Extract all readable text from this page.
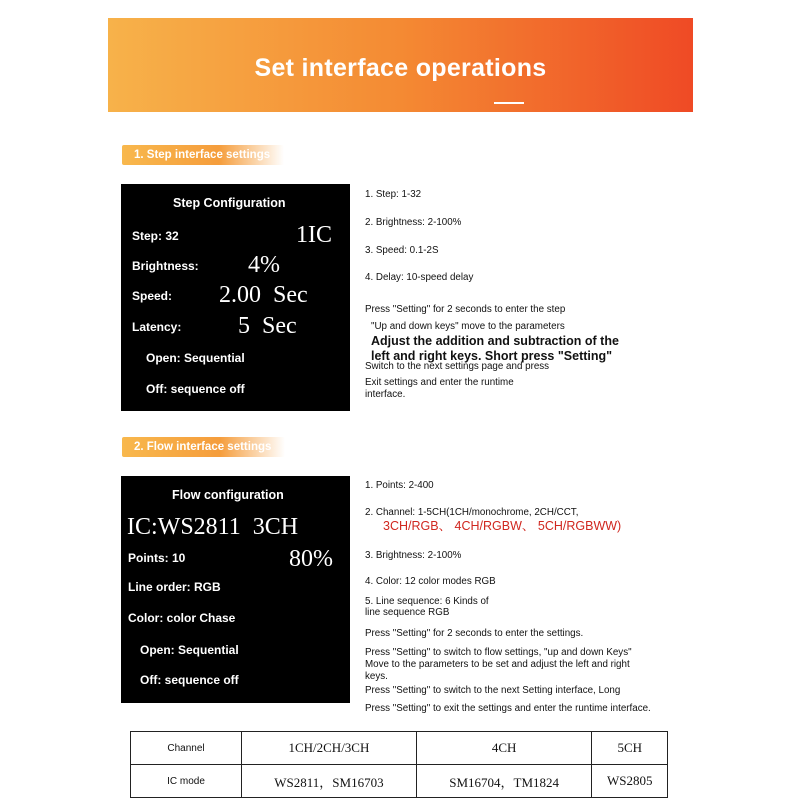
Set interface operations
1. Step interface settings
Step Configuration
Step: 32	1IC
Brightness: 4%
Speed: 2.00  Sec
Latency: 5  Sec
Open: Sequential
Off: sequence off
1. Step: 1-32
2. Brightness: 2-100%
3. Speed: 0.1-2S
4. Delay: 10-speed delay
Press "Setting" for 2 seconds to enter the step
"Up and down keys" move to the parameters
Adjust the addition and subtraction of the
left and right keys. Short press "Setting"
Switch to the next settings page and press
Exit settings and enter the runtime
interface.
2. Flow interface settings
Flow configuration
IC:WS2811  3CH
Points: 10	80%
Line order: RGB
Color: color Chase
Open: Sequential
Off: sequence off
1. Points: 2-400
2. Channel: 1-5CH(1CH/monochrome, 2CH/CCT,
3CH/RGB、 4CH/RGBW、 5CH/RGBWW)
3. Brightness: 2-100%
4. Color: 12 color modes RGB
5. Line sequence: 6 Kinds of
line sequence RGB
Press "Setting" for 2 seconds to enter the settings.
Press "Setting" to switch to flow settings, "up and down Keys"
Move to the parameters to be set and adjust the left and right
keys.
Press "Setting" to switch to the next Setting interface, Long
Press "Setting" to exit the settings and enter the runtime interface.
Channel	1CH/2CH/3CH	4CH	5CH
IC mode	WS2811，SM16703	SM16704，TM1824	WS2805
